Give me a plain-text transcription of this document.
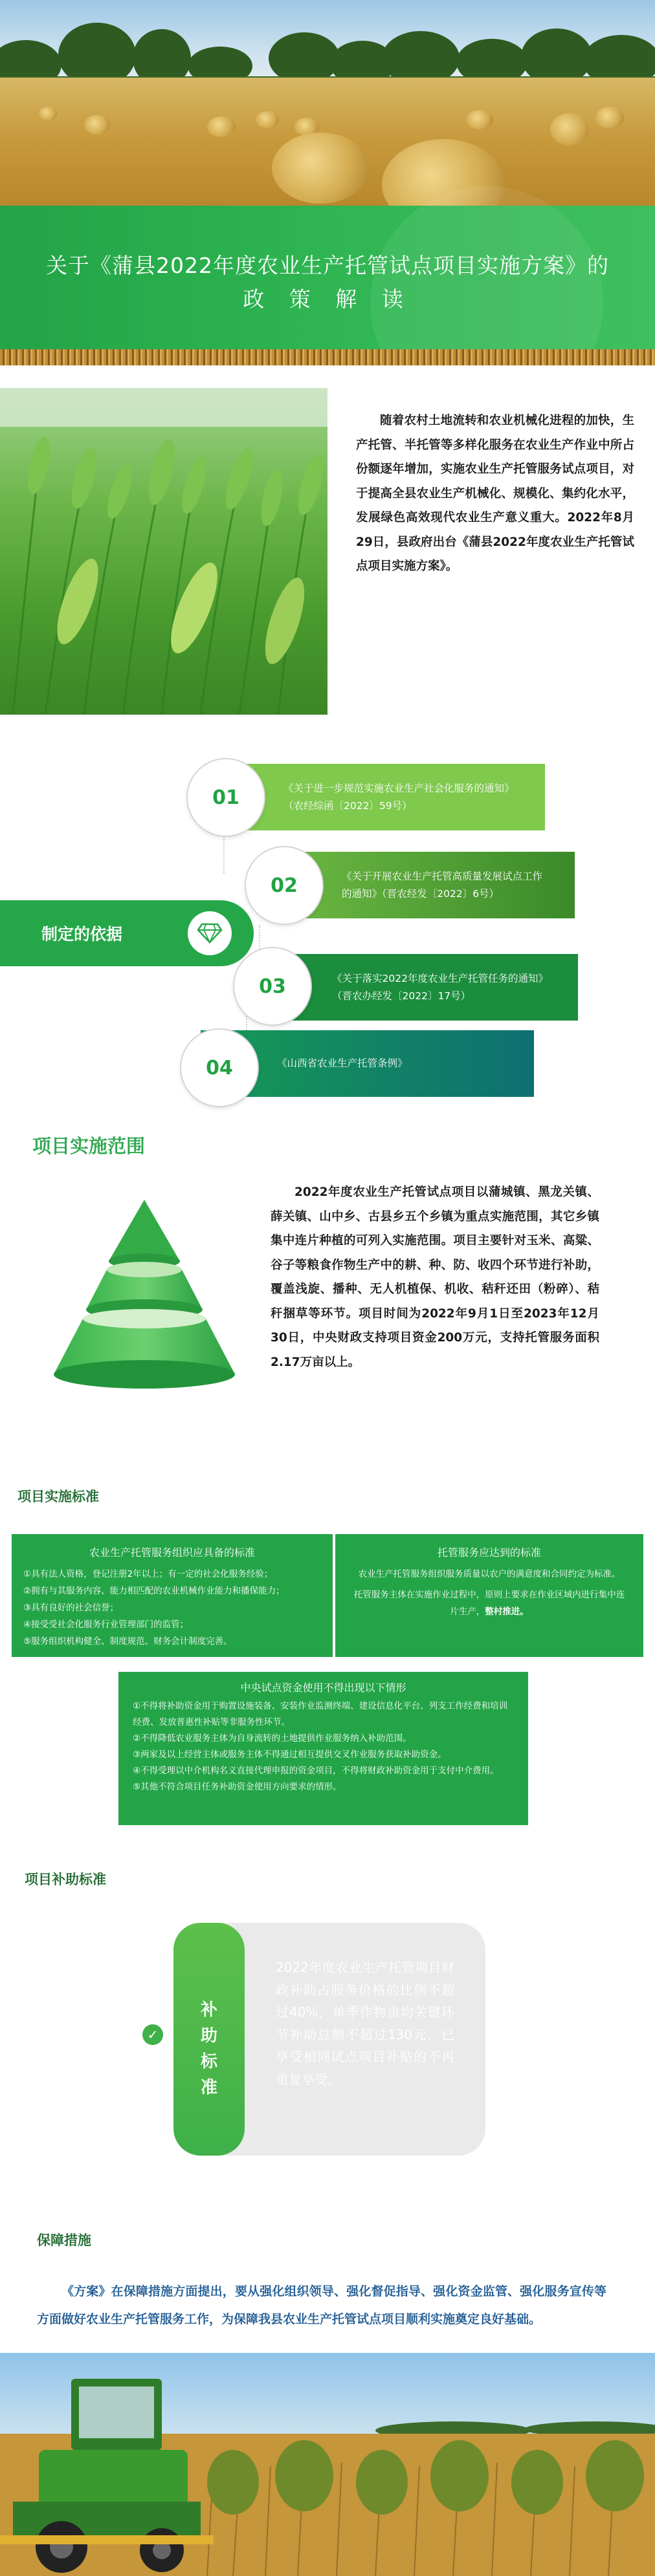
关于《蒲县2022年度农业生产托管试点项目实施方案》的
政 策 解 读
随着农村土地流转和农业机械化进程的加快，生产托管、半托管等多样化服务在农业生产作业中所占份额逐年增加，实施农业生产托管服务试点项目，对于提高全县农业生产机械化、规模化、集约化水平，发展绿色高效现代农业生产意义重大。2022年8月29日，县政府出台《蒲县2022年度农业生产托管试点项目实施方案》。
制定的依据
《关于进一步规范实施农业生产社会化服务的通知》
（农经综函〔2022〕59号）
01
《关于开展农业生产托管高质量发展试点工作
的通知》（晋农经发〔2022〕6号）
02
《关于落实2022年度农业生产托管任务的通知》
（晋农办经发〔2022〕17号）
03
《山西省农业生产托管条例》
04
项目实施范围
2022年度农业生产托管试点项目以蒲城镇、黑龙关镇、薛关镇、山中乡、古县乡五个乡镇为重点实施范围，其它乡镇集中连片种植的可列入实施范围。项目主要针对玉米、高粱、谷子等粮食作物生产中的耕、种、防、收四个环节进行补助，覆盖浅旋、播种、无人机植保、机收、秸秆还田（粉碎）、秸秆捆草等环节。项目时间为2022年9月1日至2023年12月30日，中央财政支持项目资金200万元，支持托管服务面积2.17万亩以上。
项目实施标准
农业生产托管服务组织应具备的标准

①具有法人资格，登记注册2年以上；有一定的社会化服务经验；

②拥有与其服务内容、能力相匹配的农业机械作业能力和播保能力；

③具有良好的社会信誉；

④接受受社会化服务行业管理部门的监管；

⑤服务组织机构健全、制度规范、财务会计制度完善。

托管服务应达到的标准

农业生产托管服务组织服务质量以农户的满意度和合同约定为标准。

托管服务主体在实施作业过程中，原则上要求在作业区域内进行集中连片生产，整村推进。

中央试点资金使用不得出现以下情形

①不得将补助资金用于购置设施装备、安装作业监测终端、建设信息化平台、列支工作经费和培训经费、发放普惠性补贴等非服务性环节。

②不得降低农业服务主体为自身流转的土地提供作业服务纳入补助范围。

③两家及以上经营主体或服务主体不得通过相互提供交叉作业服务获取补助资金。

④不得受理以中介机构名义直接代理申报的资金项目，不得将财政补助资金用于支付中介费用。

⑤其他不符合项目任务补助资金使用方向要求的情形。

项目补助标准
补助标准
✓
2022年度农业生产托管项目财政补助占服务价格的比例不超过40%，单季作物亩均关键环节补助总额不超过130元，已享受相同试点项目补贴的不再重复享受。
保障措施
《方案》在保障措施方面提出，要从强化组织领导、强化督促指导、强化资金监管、强化服务宣传等方面做好农业生产托管服务工作，为保障我县农业生产托管试点项目顺利实施奠定良好基础。
